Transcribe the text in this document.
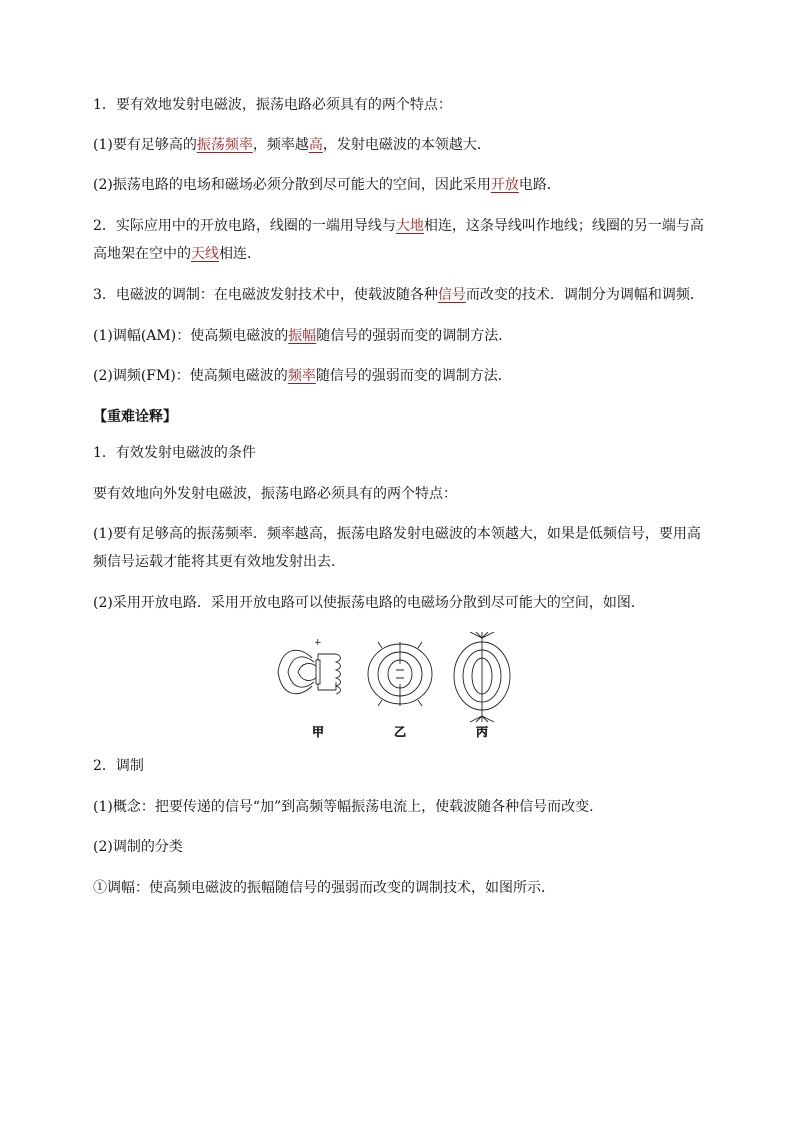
1．要有效地发射电磁波，振荡电路必须具有的两个特点：
(1)要有足够高的振荡频率，频率越高，发射电磁波的本领越大．
(2)振荡电路的电场和磁场必须分散到尽可能大的空间，因此采用开放电路．
2．实际应用中的开放电路，线圈的一端用导线与大地相连，这条导线叫作地线；线圈的另一端与高
高地架在空中的天线相连．
3．电磁波的调制：在电磁波发射技术中，使载波随各种信号而改变的技术．调制分为调幅和调频．
(1)调幅(AM)：使高频电磁波的振幅随信号的强弱而变的调制方法．
(2)调频(FM)：使高频电磁波的频率随信号的强弱而变的调制方法．
【重难诠释】
1．有效发射电磁波的条件
要有效地向外发射电磁波，振荡电路必须具有的两个特点：
(1)要有足够高的振荡频率．频率越高，振荡电路发射电磁波的本领越大，如果是低频信号，要用高
频信号运载才能将其更有效地发射出去．
(2)采用开放电路．采用开放电路可以使振荡电路的电磁场分散到尽可能大的空间，如图．
+
甲	乙	丙
2．调制
(1)概念：把要传递的信号“加”到高频等幅振荡电流上，使载波随各种信号而改变.
(2)调制的分类
①调幅：使高频电磁波的振幅随信号的强弱而改变的调制技术，如图所示．
